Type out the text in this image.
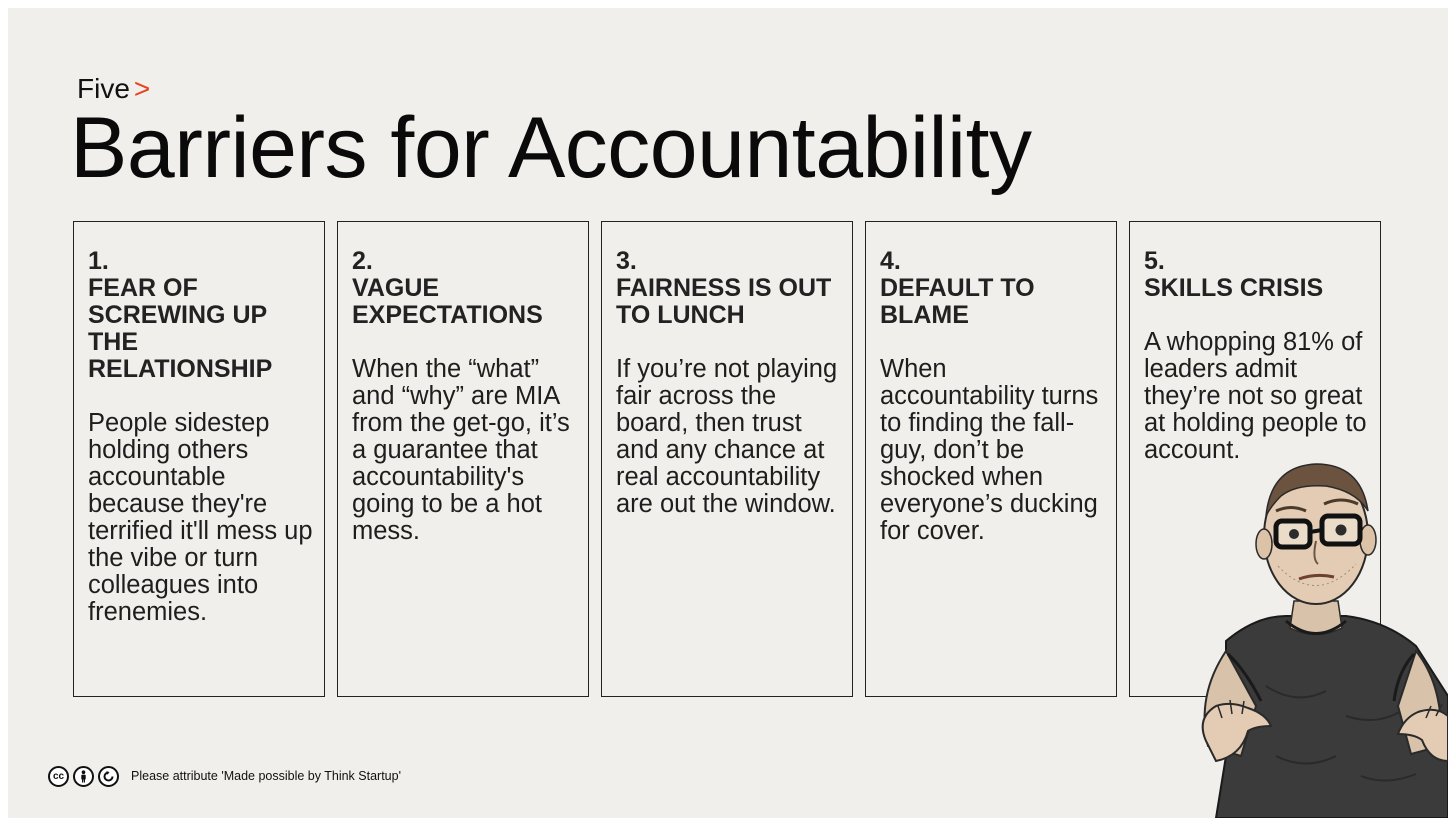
Five >
Barriers for Accountability
1.
FEAR OF SCREWING UP THE RELATIONSHIP
People sidestep holding others accountable because they're terrified it'll mess up the vibe or turn colleagues into frenemies.
2.
VAGUE EXPECTATIONS
When the “what” and “why” are MIA from the get-go, it’s a guarantee that accountability's going to be a hot mess.
3.
FAIRNESS IS OUT TO LUNCH
If you’re not playing fair across the board, then trust and any chance at real accountability are out the window.
4.
DEFAULT TO BLAME
When accountability turns to finding the fall-guy, don’t be shocked when everyone’s ducking for cover.
5.
SKILLS CRISIS
A whopping 81% of leaders admit they’re not so great at holding people to account.
cc	Please attribute 'Made possible by Think Startup'
